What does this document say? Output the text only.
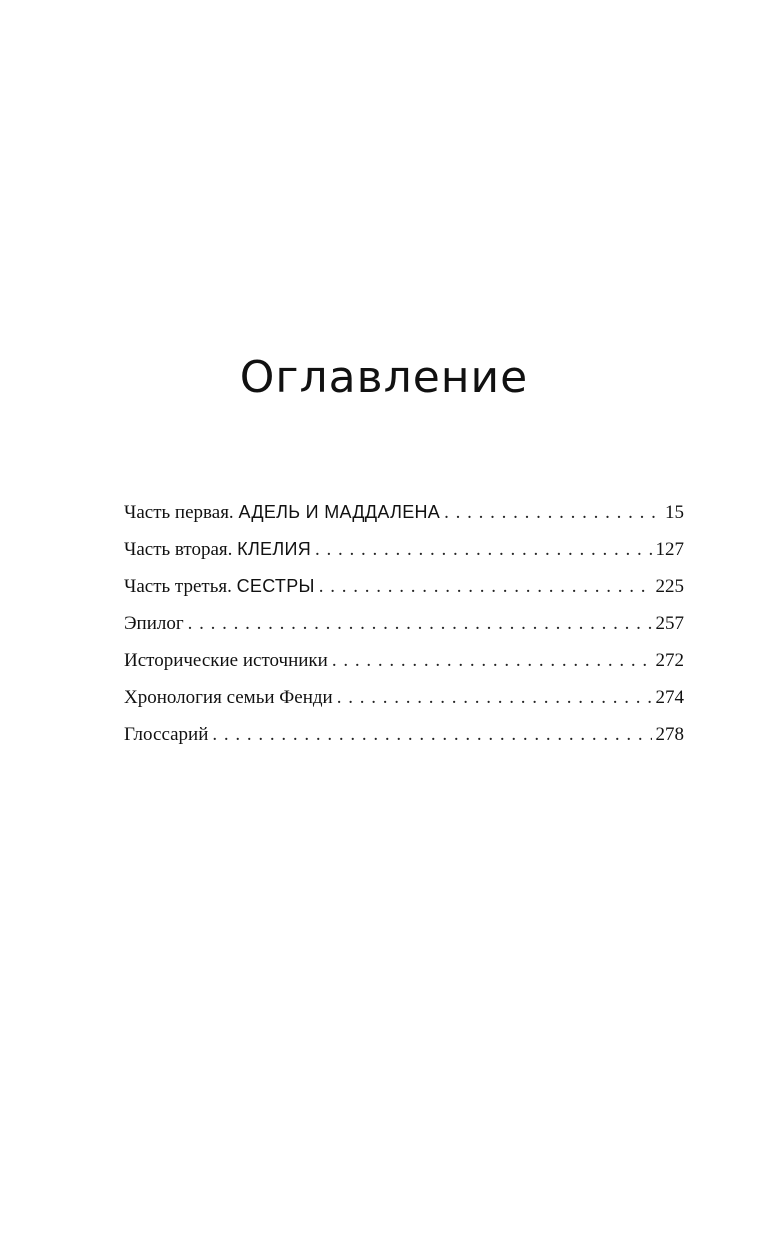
Оглавление
Часть первая. АДЕЛЬ И МАДДАЛЕНА . . .	15
Часть вторая. КЛЕЛИЯ . . .	127
Часть третья. СЕСТРЫ . . .	225
Эпилог . . .	257
Исторические источники . . .	272
Хронология семьи Фенди . . .	274
Глоссарий . . .	278
